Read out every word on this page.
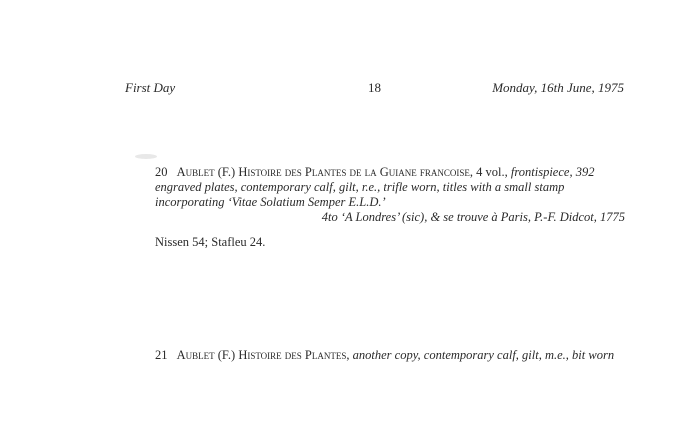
First Day	18	Monday, 16th June, 1975
20 Aublet (F.) Histoire des Plantes de la Guiane francoise, 4 vol., frontispiece, 392 engraved plates, contemporary calf, gilt, r.e., trifle worn, titles with a small stamp incorporating ‘Vitae Solatium Semper E.L.D.’
4to ‘A Londres’ (sic), & se trouve à Paris, P.-F. Didcot, 1775
Nissen 54; Stafleu 24.
21 Aublet (F.) Histoire des Plantes, another copy, contemporary calf, gilt, m.e., bit worn
